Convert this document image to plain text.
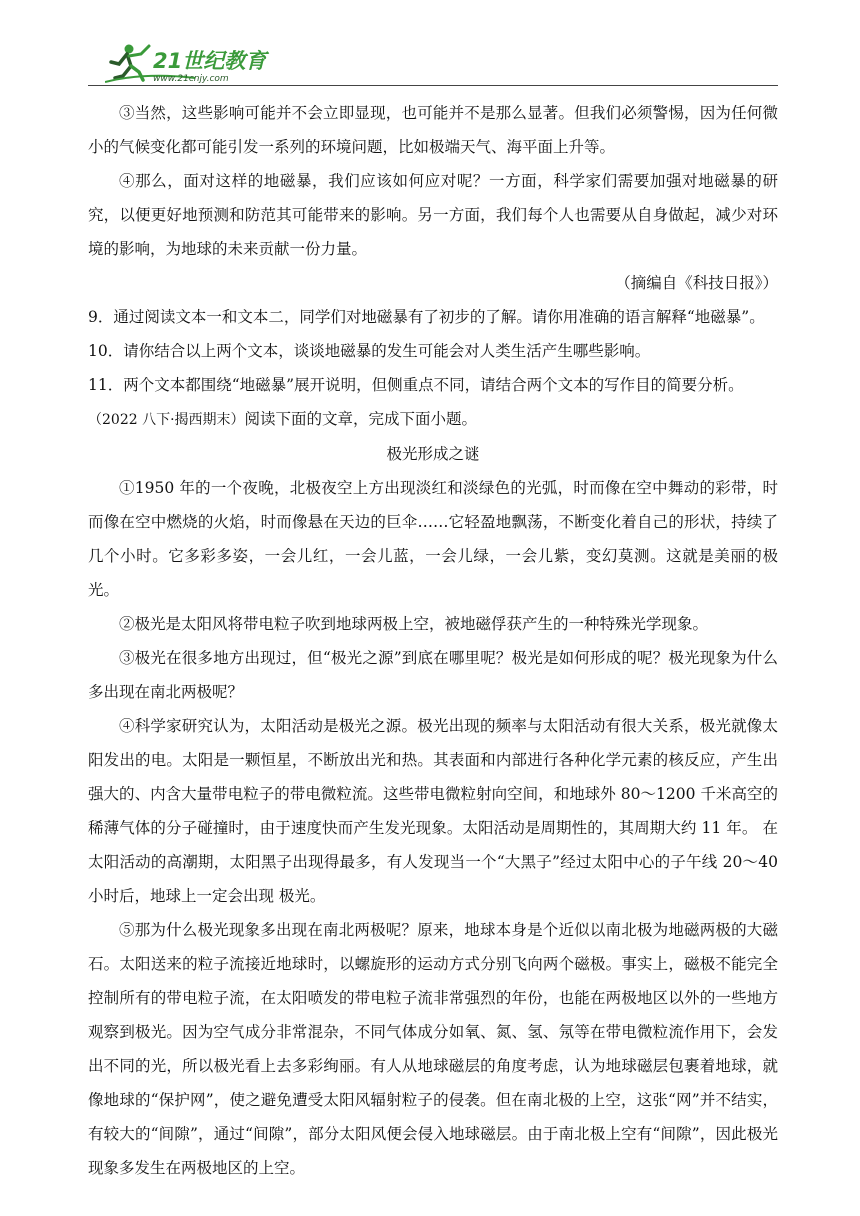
21世纪教育
www.21cnjy.com

③当然，这些影响可能并不会立即显现，也可能并不是那么显著。但我们必须警惕，因为任何微小的气候变化都可能引发一系列的环境问题，比如极端天气、海平面上升等。

④那么，面对这样的地磁暴，我们应该如何应对呢？一方面，科学家们需要加强对地磁暴的研究，以便更好地预测和防范其可能带来的影响。另一方面，我们每个人也需要从自身做起，减少对环境的影响，为地球的未来贡献一份力量。

（摘编自《科技日报》）

9．通过阅读文本一和文本二，同学们对地磁暴有了初步的了解。请你用准确的语言解释“地磁暴”。

10．请你结合以上两个文本，谈谈地磁暴的发生可能会对人类生活产生哪些影响。

11．两个文本都围绕“地磁暴”展开说明，但侧重点不同，请结合两个文本的写作目的简要分析。

（2022 八下·揭西期末）阅读下面的文章，完成下面小题。

极光形成之谜

①1950 年的一个夜晚，北极夜空上方出现淡红和淡绿色的光弧，时而像在空中舞动的彩带，时而像在空中燃烧的火焰，时而像悬在天边的巨伞……它轻盈地飘荡，不断变化着自己的形状，持续了几个小时。它多彩多姿，一会儿红，一会儿蓝，一会儿绿，一会儿紫，变幻莫测。这就是美丽的极光。

②极光是太阳风将带电粒子吹到地球两极上空，被地磁俘获产生的一种特殊光学现象。

③极光在很多地方出现过，但“极光之源”到底在哪里呢？极光是如何形成的呢？极光现象为什么多出现在南北两极呢？

④科学家研究认为，太阳活动是极光之源。极光出现的频率与太阳活动有很大关系，极光就像太阳发出的电。太阳是一颗恒星，不断放出光和热。其表面和内部进行各种化学元素的核反应，产生出强大的、内含大量带电粒子的带电微粒流。这些带电微粒射向空间，和地球外 80～1200 千米高空的稀薄气体的分子碰撞时，由于速度快而产生发光现象。太阳活动是周期性的，其周期大约 11 年。 在太阳活动的高潮期，太阳黑子出现得最多，有人发现当一个“大黑子”经过太阳中心的子午线 20～40 小时后，地球上一定会出现 极光。

⑤那为什么极光现象多出现在南北两极呢？原来，地球本身是个近似以南北极为地磁两极的大磁石。太阳送来的粒子流接近地球时，以螺旋形的运动方式分别飞向两个磁极。事实上，磁极不能完全控制所有的带电粒子流，在太阳喷发的带电粒子流非常强烈的年份，也能在两极地区以外的一些地方观察到极光。因为空气成分非常混杂，不同气体成分如氧、氮、氢、氖等在带电微粒流作用下，会发出不同的光，所以极光看上去多彩绚丽。有人从地球磁层的角度考虑，认为地球磁层包裹着地球，就像地球的“保护网”，使之避免遭受太阳风辐射粒子的侵袭。但在南北极的上空，这张“网”并不结实，有较大的“间隙”，通过“间隙”，部分太阳风便会侵入地球磁层。由于南北极上空有“间隙”，因此极光现象多发生在两极地区的上空。
